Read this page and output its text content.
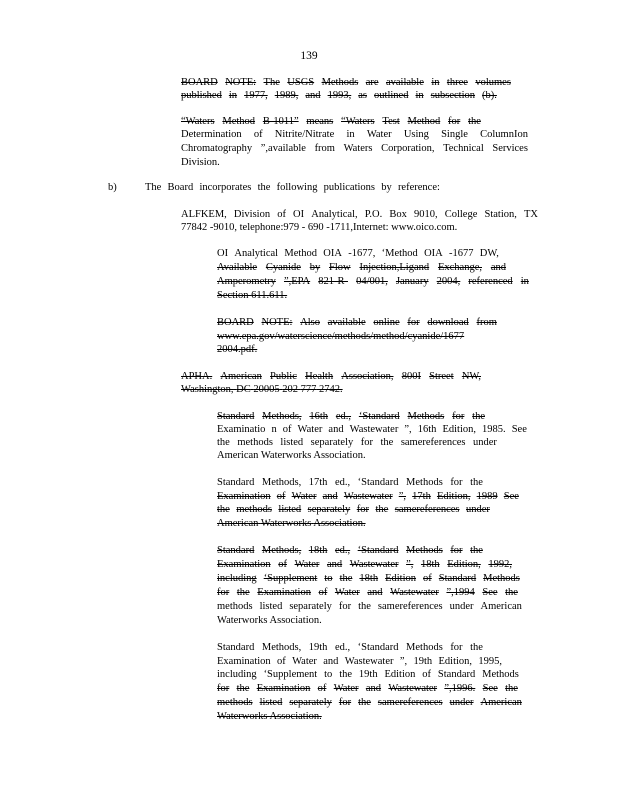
139
BOARD NOTE: The USGS Methods are available in three volumes
published in 1977, 1989, and 1993, as outlined in subsection (b).
“Waters Method B-1011” means “Waters Test Method for the
Determination of Nitrite/Nitrate in Water Using Single ColumnIon
Chromatography ”,available from Waters Corporation, Technical Services
Division.
b)	The Board incorporates the following publications by reference:
ALFKEM, Division of OI Analytical, P.O. Box 9010, College Station, TX
77842 -9010, telephone:979 - 690 -1711,Internet: www.oico.com.
OI Analytical Method OIA -1677, ‘Method OIA -1677 DW,
Available Cyanide by Flow Injection,Ligand Exchange, and
Amperometry ”,EPA 821-R- 04/001, January 2004, referenced in
Section 611.611.
BOARD NOTE: Also available online for download from
www.epa.gov/waterscience/methods/method/cyanide/1677
2004.pdf.
APHA. American Public Health Association, 800I Street NW,
Washington, DC 20005 202 777 2742.
Standard Methods, 16th ed., ‘Standard Methods for the
Examinatio n of Water and Wastewater ”, 16th Edition, 1985. See
the methods listed separately for the samereferences under
American Waterworks Association.
Standard Methods, 17th ed., ‘Standard Methods for the
Examination of Water and Wastewater ”, 17th Edition, 1989 See
the methods listed separately for the samereferences under
American Waterworks Association.
Standard Methods, 18th ed., ‘Standard Methods for the
Examination of Water and Wastewater ”, 18th Edition, 1992,
including ‘Supplement to the 18th Edition of Standard Methods
for the Examination of Water and Wastewater ”,1994 See the
methods listed separately for the samereferences under American
Waterworks Association.
Standard Methods, 19th ed., ‘Standard Methods for the
Examination of Water and Wastewater ”, 19th Edition, 1995,
including ‘Supplement to the 19th Edition of Standard Methods
for the Examination of Water and Wastewater ”,1996. See the
methods listed separately for the samereferences under American
Waterworks Association.
